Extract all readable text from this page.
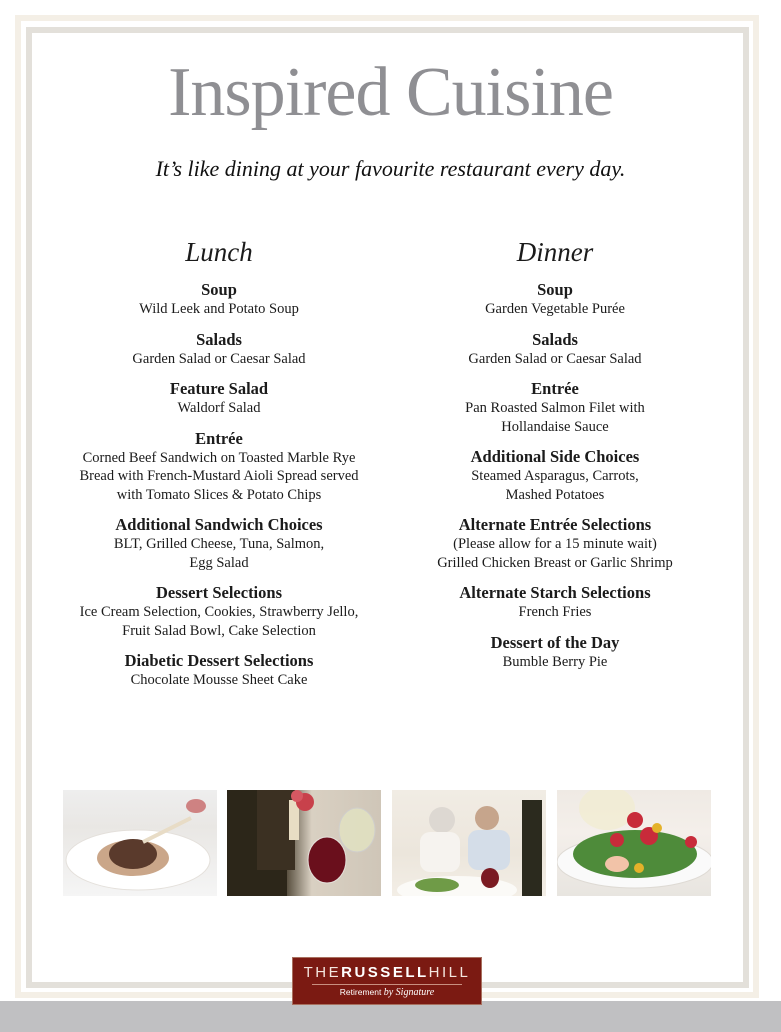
Inspired Cuisine
It’s like dining at your favourite restaurant every day.
Lunch
Soup
Wild Leek and Potato Soup
Salads
Garden Salad or Caesar Salad
Feature Salad
Waldorf Salad
Entrée
Corned Beef Sandwich on Toasted Marble Rye
Bread with French-Mustard Aioli Spread served
with Tomato Slices & Potato Chips
Additional Sandwich Choices
BLT, Grilled Cheese, Tuna, Salmon,
Egg Salad
Dessert Selections
Ice Cream Selection, Cookies, Strawberry Jello,
Fruit Salad Bowl, Cake Selection
Diabetic Dessert Selections
Chocolate Mousse Sheet Cake
Dinner
Soup
Garden Vegetable Purée
Salads
Garden Salad or Caesar Salad
Entrée
Pan Roasted Salmon Filet with
Hollandaise Sauce
Additional Side Choices
Steamed Asparagus, Carrots,
Mashed Potatoes
Alternate Entrée Selections
(Please allow for a 15 minute wait)
Grilled Chicken Breast or Garlic Shrimp
Alternate Starch Selections
French Fries
Dessert of the Day
Bumble Berry Pie
THERUSSELLHILL
Retirement by Signature
